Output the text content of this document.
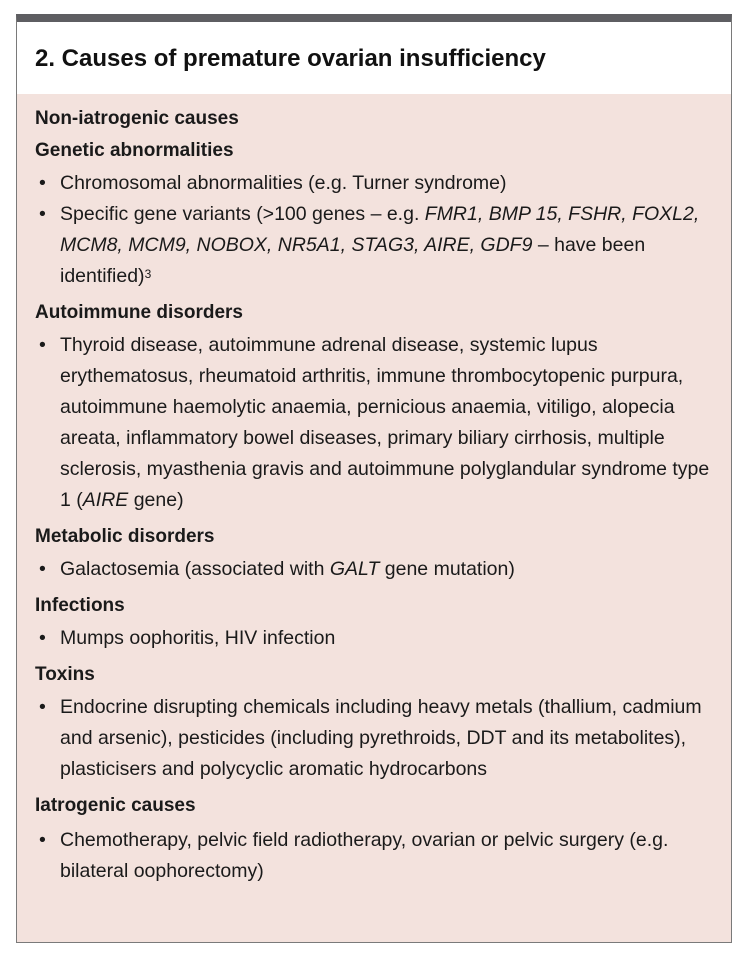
2. Causes of premature ovarian insufficiency
Non-iatrogenic causes
Genetic abnormalities
• Chromosomal abnormalities (e.g. Turner syndrome)
• Specific gene variants (>100 genes – e.g. FMR1, BMP 15, FSHR, FOXL2, MCM8, MCM9, NOBOX, NR5A1, STAG3, AIRE, GDF9 – have been identified)$^3$
Autoimmune disorders
• Thyroid disease, autoimmune adrenal disease, systemic lupus erythematosus, rheumatoid arthritis, immune thrombocytopenic purpura, autoimmune haemolytic anaemia, pernicious anaemia, vitiligo, alopecia areata, inflammatory bowel diseases, primary biliary cirrhosis, multiple sclerosis, myasthenia gravis and autoimmune polyglandular syndrome type 1 (AIRE gene)
Metabolic disorders
• Galactosemia (associated with GALT gene mutation)
Infections
• Mumps oophoritis, HIV infection
Toxins
• Endocrine disrupting chemicals including heavy metals (thallium, cadmium and arsenic), pesticides (including pyrethroids, DDT and its metabolites), plasticisers and polycyclic aromatic hydrocarbons
Iatrogenic causes
• Chemotherapy, pelvic field radiotherapy, ovarian or pelvic surgery (e.g. bilateral oophorectomy)
